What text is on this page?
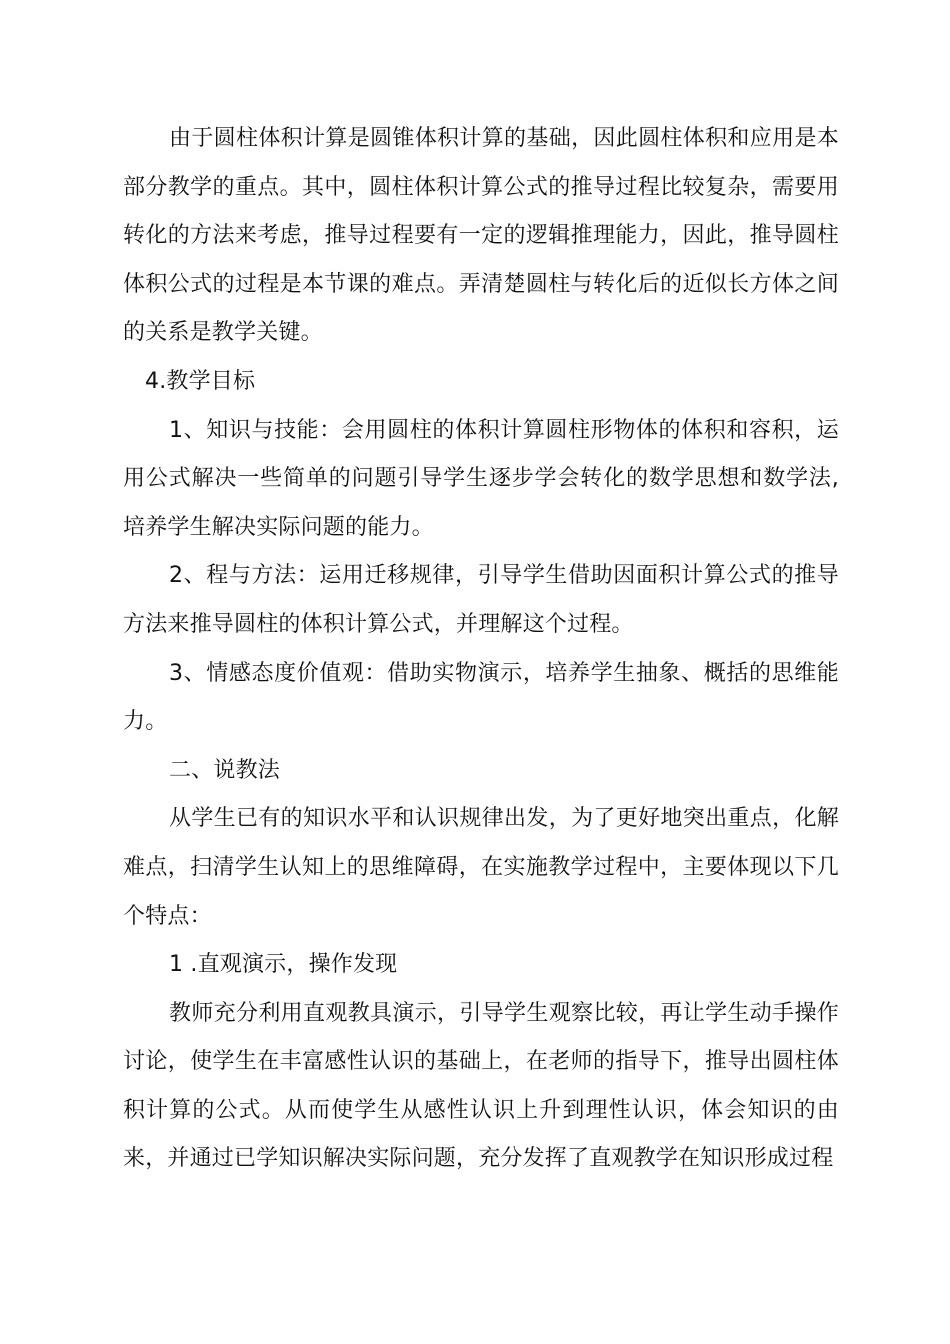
由于圆柱体积计算是圆锥体积计算的基础，因此圆柱体积和应用是本部分教学的重点。其中，圆柱体积计算公式的推导过程比较复杂，需要用转化的方法来考虑，推导过程要有一定的逻辑推理能力，因此，推导圆柱体积公式的过程是本节课的难点。弄清楚圆柱与转化后的近似长方体之间的关系是教学关键。

4.教学目标

1、知识与技能：会用圆柱的体积计算圆柱形物体的体积和容积，运用公式解决一些简单的问题引导学生逐步学会转化的数学思想和数学法,培养学生解决实际问题的能力。

2、程与方法：运用迁移规律，引导学生借助因面积计算公式的推导方法来推导圆柱的体积计算公式，并理解这个过程。

3、情感态度价值观：借助实物演示，培养学生抽象、概括的思维能力。

二、说教法

从学生已有的知识水平和认识规律出发，为了更好地突出重点，化解难点，扫清学生认知上的思维障碍，在实施教学过程中，主要体现以下几个特点：

1 .直观演示，操作发现

教师充分利用直观教具演示，引导学生观察比较，再让学生动手操作讨论，使学生在丰富感性认识的基础上，在老师的指导下，推导出圆柱体积计算的公式。从而使学生从感性认识上升到理性认识，体会知识的由来，并通过已学知识解决实际问题，充分发挥了直观教学在知识形成过程
